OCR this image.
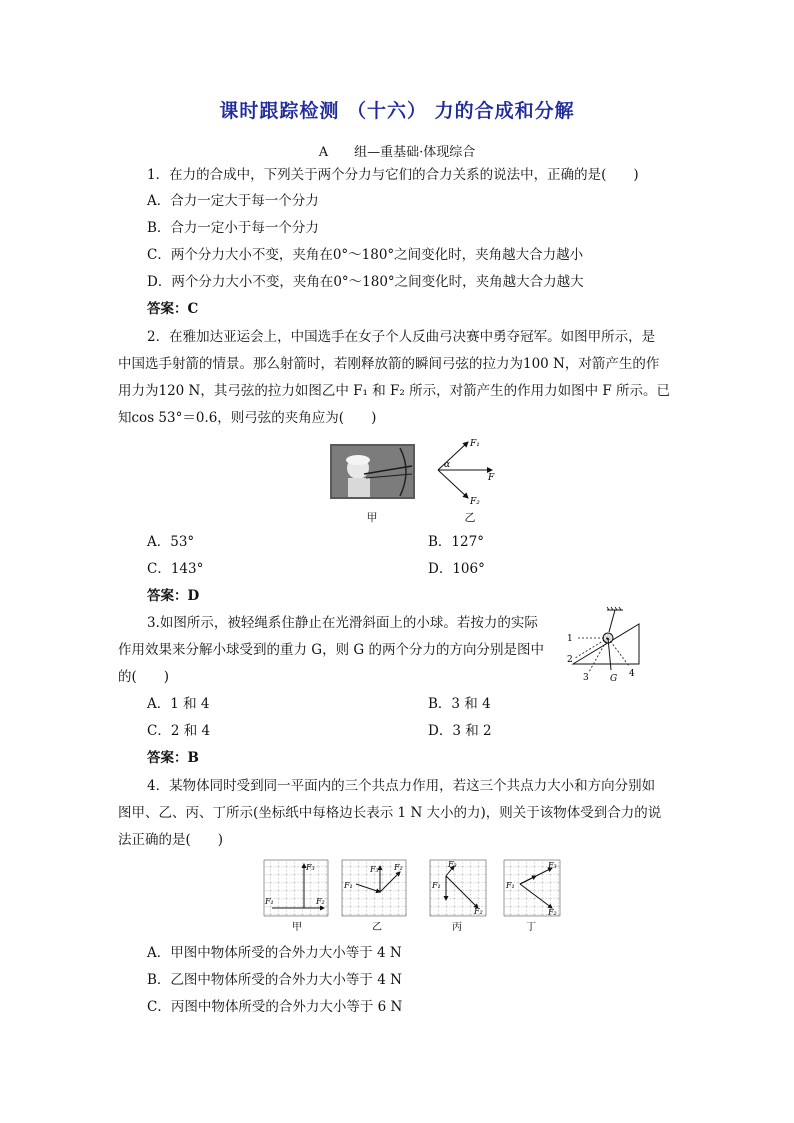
课时跟踪检测 （十六） 力的合成和分解
A　　组—重基础·体现综合
1．在力的合成中，下列关于两个分力与它们的合力关系的说法中，正确的是(　　)
A．合力一定大于每一个分力
B．合力一定小于每一个分力
C．两个分力大小不变，夹角在0°～180°之间变化时，夹角越大合力越小
D．两个分力大小不变，夹角在0°～180°之间变化时，夹角越大合力越大
答案：C
2．在雅加达亚运会上，中国选手在女子个人反曲弓决赛中勇夺冠军。如图甲所示，是
中国选手射箭的情景。那么射箭时，若刚释放箭的瞬间弓弦的拉力为100 N，对箭产生的作
用力为120 N，其弓弦的拉力如图乙中 F₁ 和 F₂ 所示，对箭产生的作用力如图中 F 所示。已
知cos 53°＝0.6，则弓弦的夹角应为(　　)
甲
F₁
F₂
F
α
乙
A．53°	B．127°
C．143°	D．106°
答案：D
3.如图所示，被轻绳系住静止在光滑斜面上的小球。若按力的实际
作用效果来分解小球受到的重力 G，则 G 的两个分力的方向分别是图中
的(　　)
1
2
3 G 4
A．1 和 4	B．3 和 4
C．2 和 4	D．3 和 2
答案：B
4．某物体同时受到同一平面内的三个共点力作用，若这三个共点力大小和方向分别如
图甲、乙、丙、丁所示(坐标纸中每格边长表示 1 N 大小的力)，则关于该物体受到合力的说
法正确的是(　　)
F₃
F₁	F₂
甲
F₃
F₁
F₂
乙
F₃
F₁
F₂
丙
F₃
F₁
F₂
丁
A．甲图中物体所受的合外力大小等于 4 N
B．乙图中物体所受的合外力大小等于 4 N
C．丙图中物体所受的合外力大小等于 6 N
